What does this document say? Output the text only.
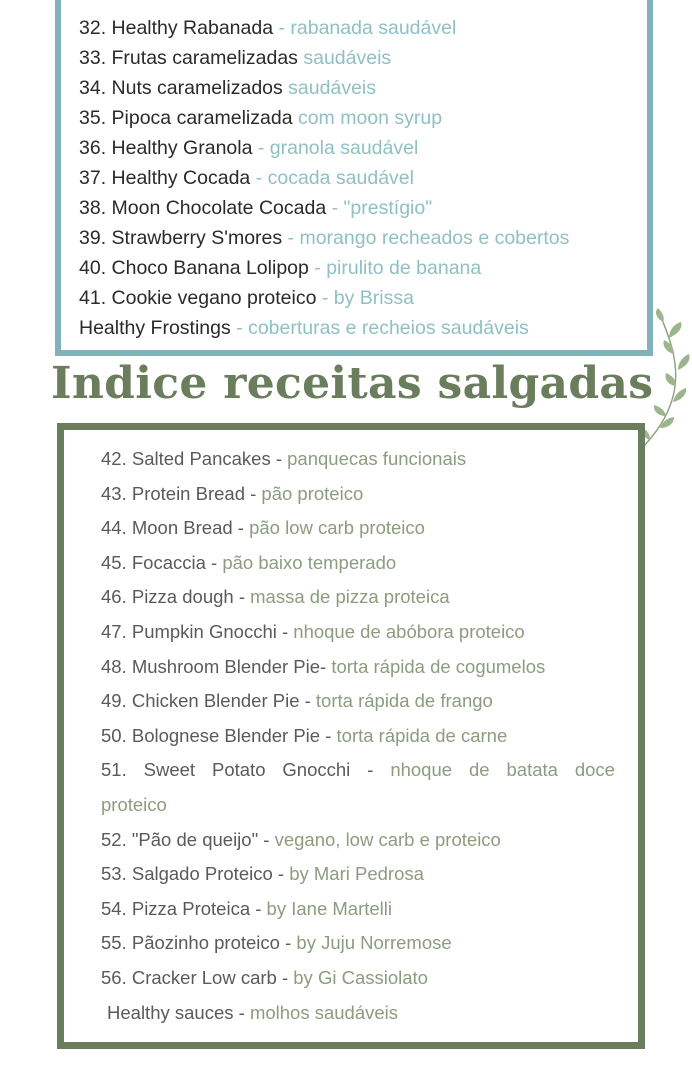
32. Healthy Rabanada - rabanada saudável
33. Frutas caramelizadas saudáveis
34. Nuts caramelizados saudáveis
35. Pipoca caramelizada com moon syrup
36. Healthy Granola - granola saudável
37. Healthy Cocada - cocada saudável
38. Moon Chocolate Cocada - "prestígio"
39. Strawberry S'mores - morango recheados e cobertos
40. Choco Banana Lolipop - pirulito de banana
41. Cookie vegano proteico - by Brissa
Healthy Frostings - coberturas e recheios saudáveis
Indice receitas salgadas
42. Salted Pancakes - panquecas funcionais
43. Protein Bread - pão proteico
44. Moon Bread - pão low carb proteico
45. Focaccia - pão baixo temperado
46. Pizza dough - massa de pizza proteica
47. Pumpkin Gnocchi - nhoque de abóbora proteico
48. Mushroom Blender Pie- torta rápida de cogumelos
49. Chicken Blender Pie - torta rápida de frango
50. Bolognese Blender Pie - torta rápida de carne
51. Sweet Potato Gnocchi - nhoque de batata doce proteico
52. "Pão de queijo" - vegano, low carb e proteico
53. Salgado Proteico - by Mari Pedrosa
54. Pizza Proteica - by Iane Martelli
55. Pãozinho proteico - by Juju Norremose
56. Cracker Low carb - by Gi Cassiolato
Healthy sauces - molhos saudáveis
